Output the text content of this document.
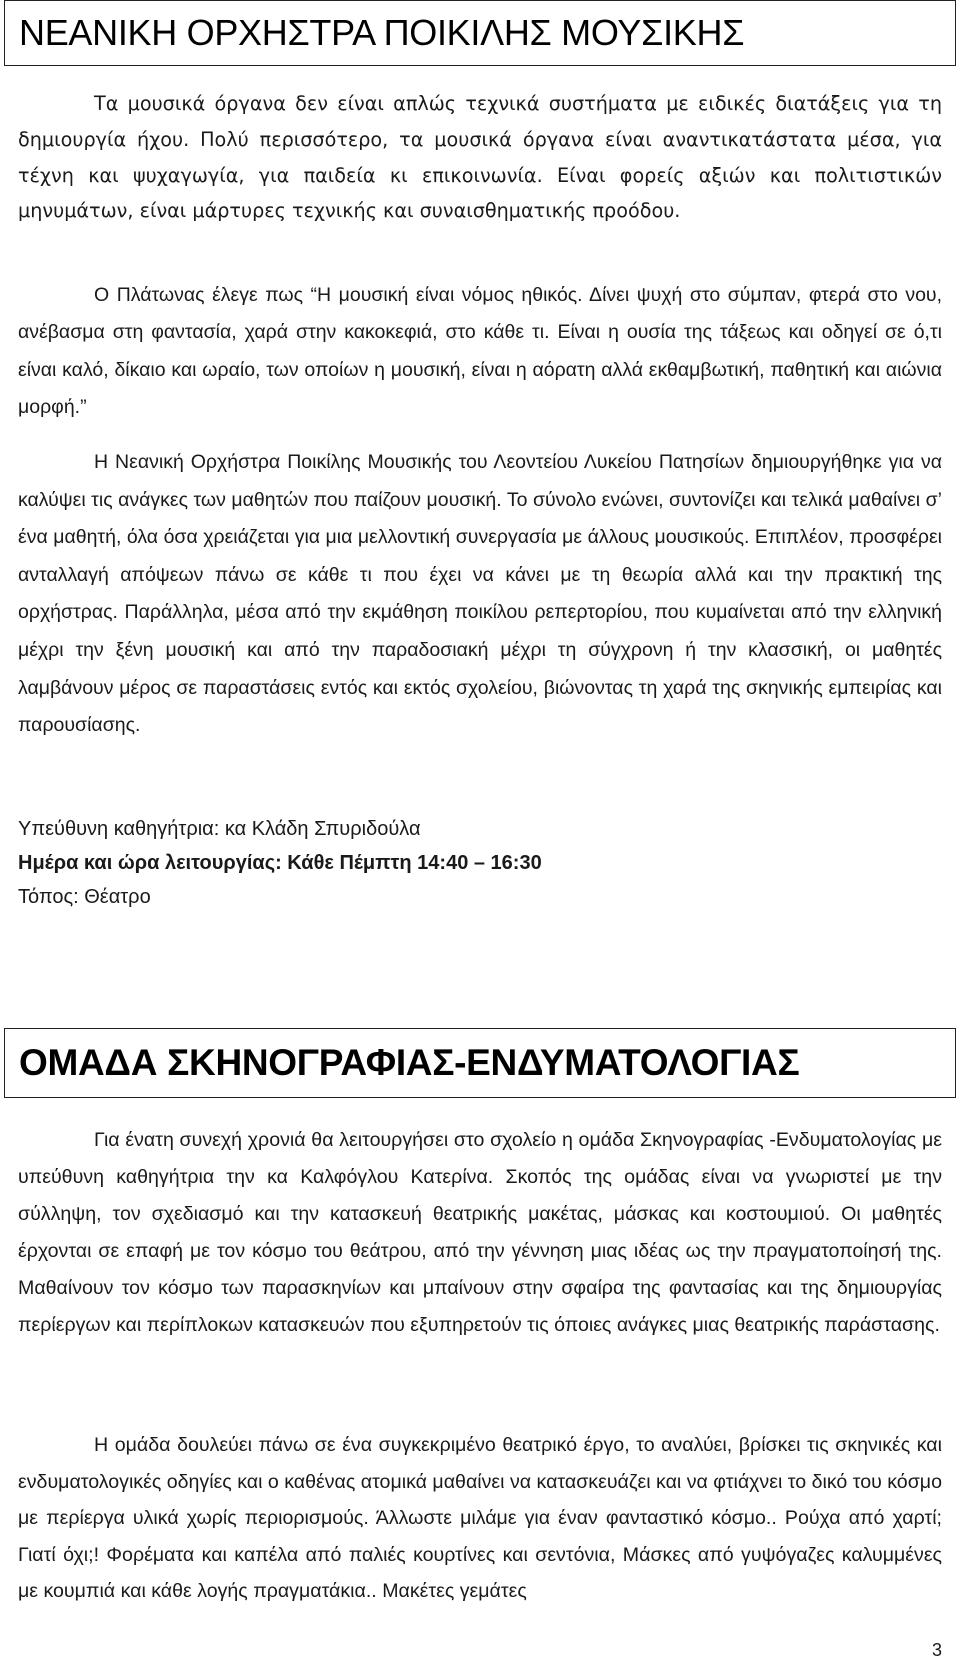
ΝΕΑΝΙΚΗ ΟΡΧΗΣΤΡΑ ΠΟΙΚΙΛΗΣ ΜΟΥΣΙΚΗΣ

Τα μουσικά όργανα δεν είναι απλώς τεχνικά συστήματα με ειδικές διατάξεις για τη δημιουργία ήχου. Πολύ περισσότερο, τα μουσικά όργανα είναι αναντικατάστατα μέσα, για τέχνη και ψυχαγωγία, για παιδεία κι επικοινωνία. Είναι φορείς αξιών και πολιτιστικών μηνυμάτων, είναι μάρτυρες τεχνικής και συναισθηματικής προόδου.

Ο Πλάτωνας έλεγε πως “Η μουσική είναι νόμος ηθικός. Δίνει ψυχή στο σύμπαν, φτερά στο νου, ανέβασμα στη φαντασία, χαρά στην κακοκεφιά, στο κάθε τι. Είναι η ουσία της τάξεως και οδηγεί σε ό,τι είναι καλό, δίκαιο και ωραίο, των οποίων η μουσική, είναι η αόρατη αλλά εκθαμβωτική, παθητική και αιώνια μορφή.”

Η Νεανική Ορχήστρα Ποικίλης Μουσικής του Λεοντείου Λυκείου Πατησίων δημιουργήθηκε για να καλύψει τις ανάγκες των μαθητών που παίζουν μουσική. Το σύνολο ενώνει, συντονίζει και τελικά μαθαίνει σ’ ένα μαθητή, όλα όσα χρειάζεται για μια μελλοντική συνεργασία με άλλους μουσικούς. Επιπλέον, προσφέρει ανταλλαγή απόψεων πάνω σε κάθε τι που έχει να κάνει με τη θεωρία αλλά και την πρακτική της ορχήστρας. Παράλληλα, μέσα από την εκμάθηση ποικίλου ρεπερτορίου, που κυμαίνεται από την ελληνική μέχρι την ξένη μουσική και από την παραδοσιακή μέχρι τη σύγχρονη ή την κλασσική, οι μαθητές λαμβάνουν μέρος σε παραστάσεις εντός και εκτός σχολείου, βιώνοντας τη χαρά της σκηνικής εμπειρίας και παρουσίασης.

Υπεύθυνη καθηγήτρια: κα Κλάδη Σπυριδούλα
Ημέρα και ώρα λειτουργίας: Κάθε Πέμπτη 14:40 – 16:30
Τόπος: Θέατρο
ΟΜΑΔΑ ΣΚΗΝΟΓΡΑΦΙΑΣ-ΕΝΔΥΜΑΤΟΛΟΓΙΑΣ

Για ένατη συνεχή χρονιά θα λειτουργήσει στο σχολείο η ομάδα Σκηνογραφίας -Ενδυματολογίας με υπεύθυνη καθηγήτρια την κα Καλφόγλου Κατερίνα. Σκοπός της ομάδας είναι να γνωριστεί με την σύλληψη, τον σχεδιασμό και την κατασκευή θεατρικής μακέτας, μάσκας και κοστουμιού. Οι μαθητές έρχονται σε επαφή με τον κόσμο του θεάτρου, από την γέννηση μιας ιδέας ως την πραγματοποίησή της. Μαθαίνουν τον κόσμο των παρασκηνίων και μπαίνουν στην σφαίρα της φαντασίας και της δημιουργίας περίεργων και περίπλοκων κατασκευών που εξυπηρετούν τις όποιες ανάγκες μιας θεατρικής παράστασης.

Η ομάδα δουλεύει πάνω σε ένα συγκεκριμένο θεατρικό έργο, το αναλύει, βρίσκει τις σκηνικές και ενδυματολογικές οδηγίες και ο καθένας ατομικά μαθαίνει να κατασκευάζει και να φτιάχνει το δικό του κόσμο με περίεργα υλικά χωρίς περιορισμούς. Άλλωστε μιλάμε για έναν φανταστικό κόσμο.. Ρούχα από χαρτί; Γιατί όχι;! Φορέματα και καπέλα από παλιές κουρτίνες και σεντόνια, Μάσκες από γυψόγαζες καλυμμένες με κουμπιά και κάθε λογής πραγματάκια.. Μακέτες γεμάτες

3
